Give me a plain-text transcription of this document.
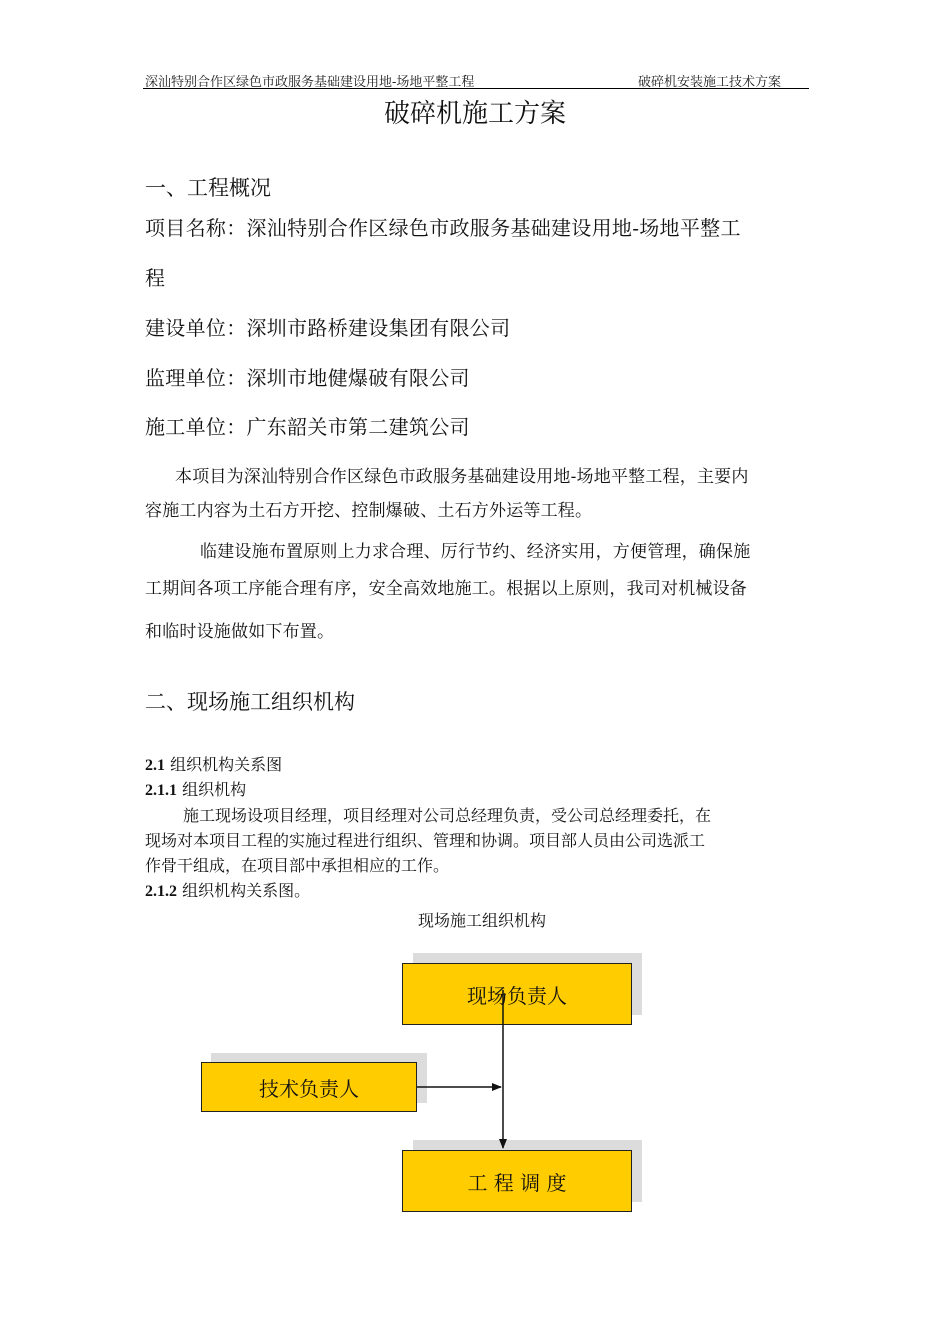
深汕特别合作区绿色市政服务基础建设用地-场地平整工程	破碎机安装施工技术方案
破碎机施工方案
一、工程概况
项目名称：深汕特别合作区绿色市政服务基础建设用地-场地平整工
程
建设单位：深圳市路桥建设集团有限公司
监理单位：深圳市地健爆破有限公司
施工单位：广东韶关市第二建筑公司
本项目为深汕特别合作区绿色市政服务基础建设用地-场地平整工程，主要内
容施工内容为土石方开挖、控制爆破、土石方外运等工程。
临建设施布置原则上力求合理、厉行节约、经济实用，方便管理，确保施
工期间各项工序能合理有序，安全高效地施工。根据以上原则，我司对机械设备
和临时设施做如下布置。
二、现场施工组织机构
2.1 组织机构关系图
2.1.1 组织机构
施工现场设项目经理，项目经理对公司总经理负责，受公司总经理委托，在
现场对本项目工程的实施过程进行组织、管理和协调。项目部人员由公司选派工
作骨干组成，在项目部中承担相应的工作。
2.1.2 组织机构关系图。
现场施工组织机构
现场负责人
技术负责人
工 程 调 度
